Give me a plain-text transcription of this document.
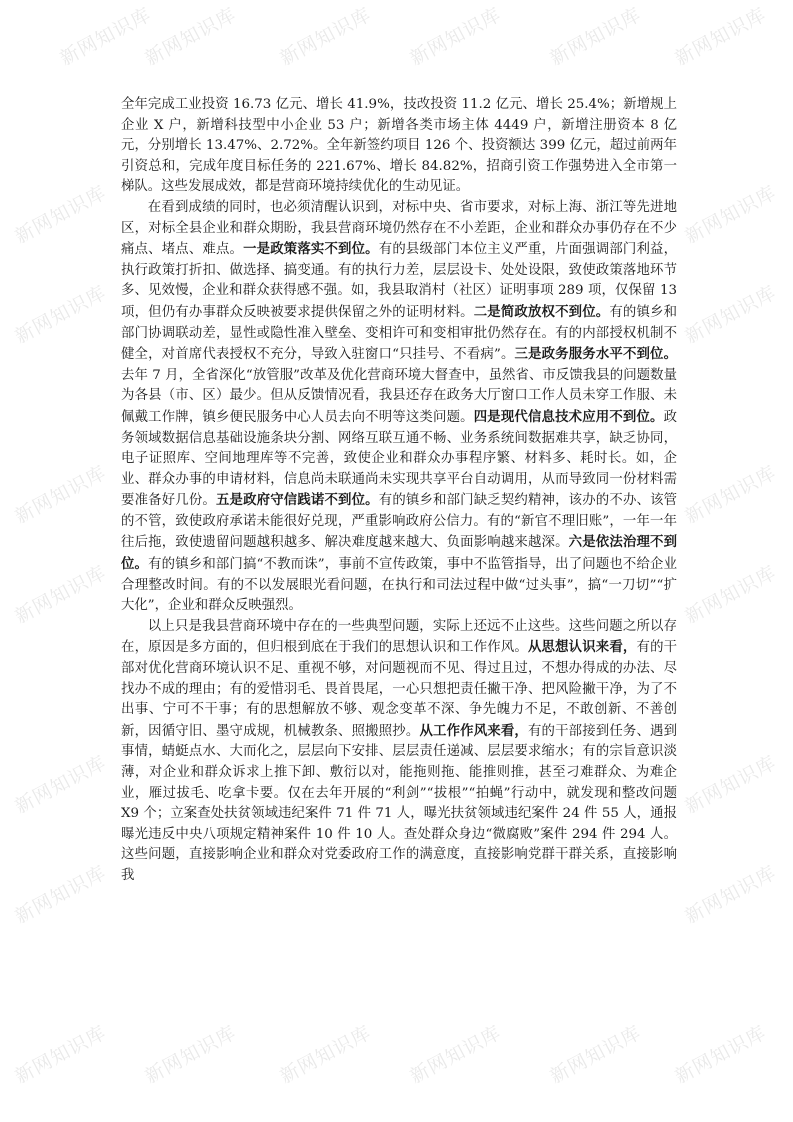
新网知识库
新网知识库 新网知识库 新网知识库 新网知识库 新网知识库
新网知识库	新网知识库
新网知识库	新网知识库
新网知识库	新网知识库
新网知识库	新网知识库
新网知识库	新网知识库
新网知识库	新网知识库
新网知识库 新网知识库 新网知识库 新网知识库 新网知识库 新网知识库

全年完成工业投资 16.73 亿元、增长 41.9%，技改投资 11.2 亿元、增长 25.4%；新增规上企业 X 户，新增科技型中小企业 53 户；新增各类市场主体 4449 户，新增注册资本 8 亿元，分别增长 13.47%、2.72%。全年新签约项目 126 个、投资额达 399 亿元，超过前两年引资总和，完成年度目标任务的 221.67%、增长 84.82%，招商引资工作强势进入全市第一梯队。这些发展成效，都是营商环境持续优化的生动见证。

在看到成绩的同时，也必须清醒认识到，对标中央、省市要求，对标上海、浙江等先进地区，对标全县企业和群众期盼，我县营商环境仍然存在不小差距，企业和群众办事仍存在不少痛点、堵点、难点。一是政策落实不到位。有的县级部门本位主义严重，片面强调部门利益，执行政策打折扣、做选择、搞变通。有的执行力差，层层设卡、处处设限，致使政策落地环节多、见效慢，企业和群众获得感不强。如，我县取消村（社区）证明事项 289 项，仅保留 13 项，但仍有办事群众反映被要求提供保留之外的证明材料。二是简政放权不到位。有的镇乡和部门协调联动差，显性或隐性准入壁垒、变相许可和变相审批仍然存在。有的内部授权机制不健全，对首席代表授权不充分，导致入驻窗口“只挂号、不看病”。三是政务服务水平不到位。去年 7 月，全省深化“放管服”改革及优化营商环境大督查中，虽然省、市反馈我县的问题数量为各县（市、区）最少。但从反馈情况看，我县还存在政务大厅窗口工作人员未穿工作服、未佩戴工作牌，镇乡便民服务中心人员去向不明等这类问题。四是现代信息技术应用不到位。政务领域数据信息基础设施条块分割、网络互联互通不畅、业务系统间数据难共享，缺乏协同，电子证照库、空间地理库等不完善，致使企业和群众办事程序繁、材料多、耗时长。如，企业、群众办事的申请材料，信息尚未联通尚未实现共享平台自动调用，从而导致同一份材料需要准备好几份。五是政府守信践诺不到位。有的镇乡和部门缺乏契约精神，该办的不办、该管的不管，致使政府承诺未能很好兑现，严重影响政府公信力。有的“新官不理旧账”，一年一年往后拖，致使遗留问题越积越多、解决难度越来越大、负面影响越来越深。六是依法治理不到位。有的镇乡和部门搞“不教而诛”，事前不宣传政策，事中不监管指导，出了问题也不给企业合理整改时间。有的不以发展眼光看问题，在执行和司法过程中做“过头事”，搞“一刀切”“扩大化”，企业和群众反映强烈。

以上只是我县营商环境中存在的一些典型问题，实际上还远不止这些。这些问题之所以存在，原因是多方面的，但归根到底在于我们的思想认识和工作作风。从思想认识来看，有的干部对优化营商环境认识不足、重视不够，对问题视而不见、得过且过，不想办得成的办法、尽找办不成的理由；有的爱惜羽毛、畏首畏尾，一心只想把责任撇干净、把风险撇干净，为了不出事、宁可不干事；有的思想解放不够、观念变革不深、争先魄力不足，不敢创新、不善创新，因循守旧、墨守成规，机械教条、照搬照抄。从工作作风来看，有的干部接到任务、遇到事情，蜻蜓点水、大而化之，层层向下安排、层层责任递减、层层要求缩水；有的宗旨意识淡薄，对企业和群众诉求上推下卸、敷衍以对，能拖则拖、能推则推，甚至刁难群众、为难企业，雁过拔毛、吃拿卡要。仅在去年开展的“利剑”“拔根”“拍蝇”行动中，就发现和整改问题 X9 个；立案查处扶贫领域违纪案件 71 件 71 人，曝光扶贫领域违纪案件 24 件 55 人，通报曝光违反中央八项规定精神案件 10 件 10 人。查处群众身边“微腐败”案件 294 件 294 人。这些问题，直接影响企业和群众对党委政府工作的满意度，直接影响党群干群关系，直接影响我
